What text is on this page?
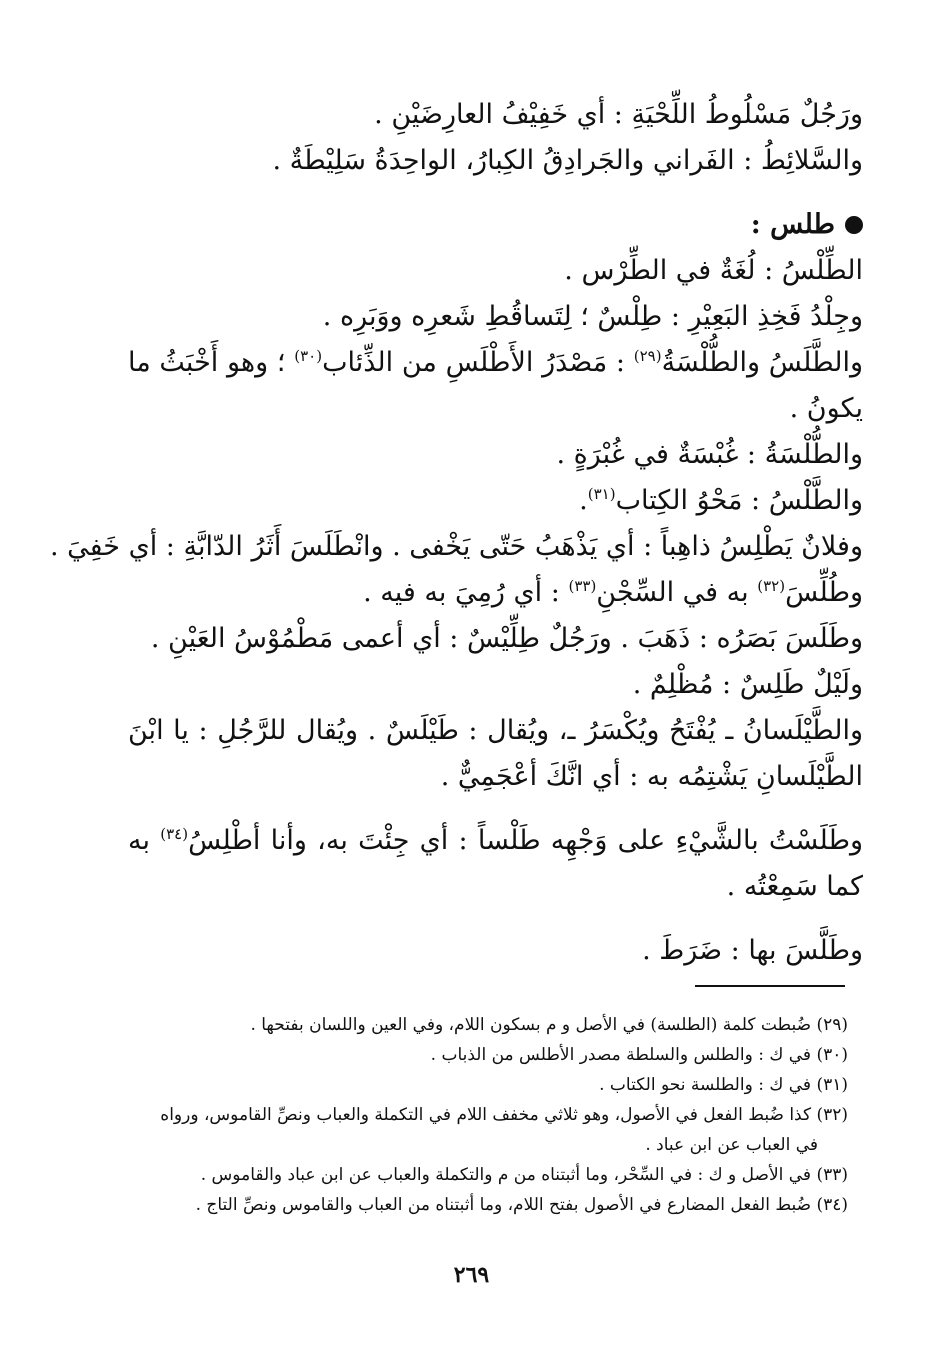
ورَجُلٌ مَسْلُوطُ اللِّحْيَةِ : أي خَفِيْفُ العارِضَيْنِ .

والسَّلائِطُ : الفَراني والجَرادِقُ الكِبارُ، الواحِدَةُ سَلِيْطَةٌ .

طلس :

الطِّلْسُ : لُغَةٌ في الطِّرْس .

وجِلْدُ فَخِذِ البَعِيْرِ : طِلْسٌ ؛ لِتَساقُطِ شَعرِه ووَبَرِه .

والطَّلَسُ والطُّلْسَةُ$^{(٢٩)}$ : مَصْدَرُ الأَطْلَسِ من الذِّئاب$^{(٣٠)}$ ؛ وهو أَخْبَثُ ما يكونُ .

والطُّلْسَةُ : غُبْسَةٌ في غُبْرَةٍ .

والطَّلْسُ : مَحْوُ الكِتاب$^{(٣١)}$.

وفلانٌ يَطْلِسُ ذاهِباً : أي يَذْهَبُ حَتّى يَخْفى . وانْطَلَسَ أَثَرُ الدّابَّةِ : أي خَفِيَ .

وطُلِّسَ$^{(٣٢)}$ به في السِّجْنِ$^{(٣٣)}$ : أي رُمِيَ به فيه .

وطَلَسَ بَصَرُه : ذَهَبَ . ورَجُلٌ طِلِّيْسٌ : أي أعمى مَطْمُوْسُ العَيْنِ .

ولَيْلٌ طَلِسٌ : مُظْلِمٌ .

والطَّيْلَسانُ ـ يُفْتَحُ ويُكْسَرُ ـ، ويُقال : طَيْلَسٌ . ويُقال للرَّجُلِ : يا ابْنَ الطَّيْلَسانِ يَشْتِمُه به : أي انَّكَ أعْجَمِيٌّ .

وطَلَسْتُ بالشَّيْءِ على وَجْهِه طَلْساً : أي جِئْتَ به، وأنا أطْلِسُ$^{(٣٤)}$ به كما سَمِعْتُه .

وطَلَّسَ بها : ضَرَطَ .

(٢٩) ضُبطت كلمة (الطلسة) في الأصل و م بسكون اللام، وفي العين واللسان بفتحها .

(٣٠) في ك : والطلس والسلطة مصدر الأطلس من الذباب .

(٣١) في ك : والطلسة نحو الكتاب .

(٣٢) كذا ضُبط الفعل في الأصول، وهو ثلاثي مخفف اللام في التكملة والعباب ونصِّ القاموس، ورواه

في العباب عن ابن عباد .

(٣٣) في الأصل و ك : في السِّحْر، وما أثبتناه من م والتكملة والعباب عن ابن عباد والقاموس .

(٣٤) ضُبط الفعل المضارع في الأصول بفتح اللام، وما أثبتناه من العباب والقاموس ونصِّ التاج .

٢٦٩
